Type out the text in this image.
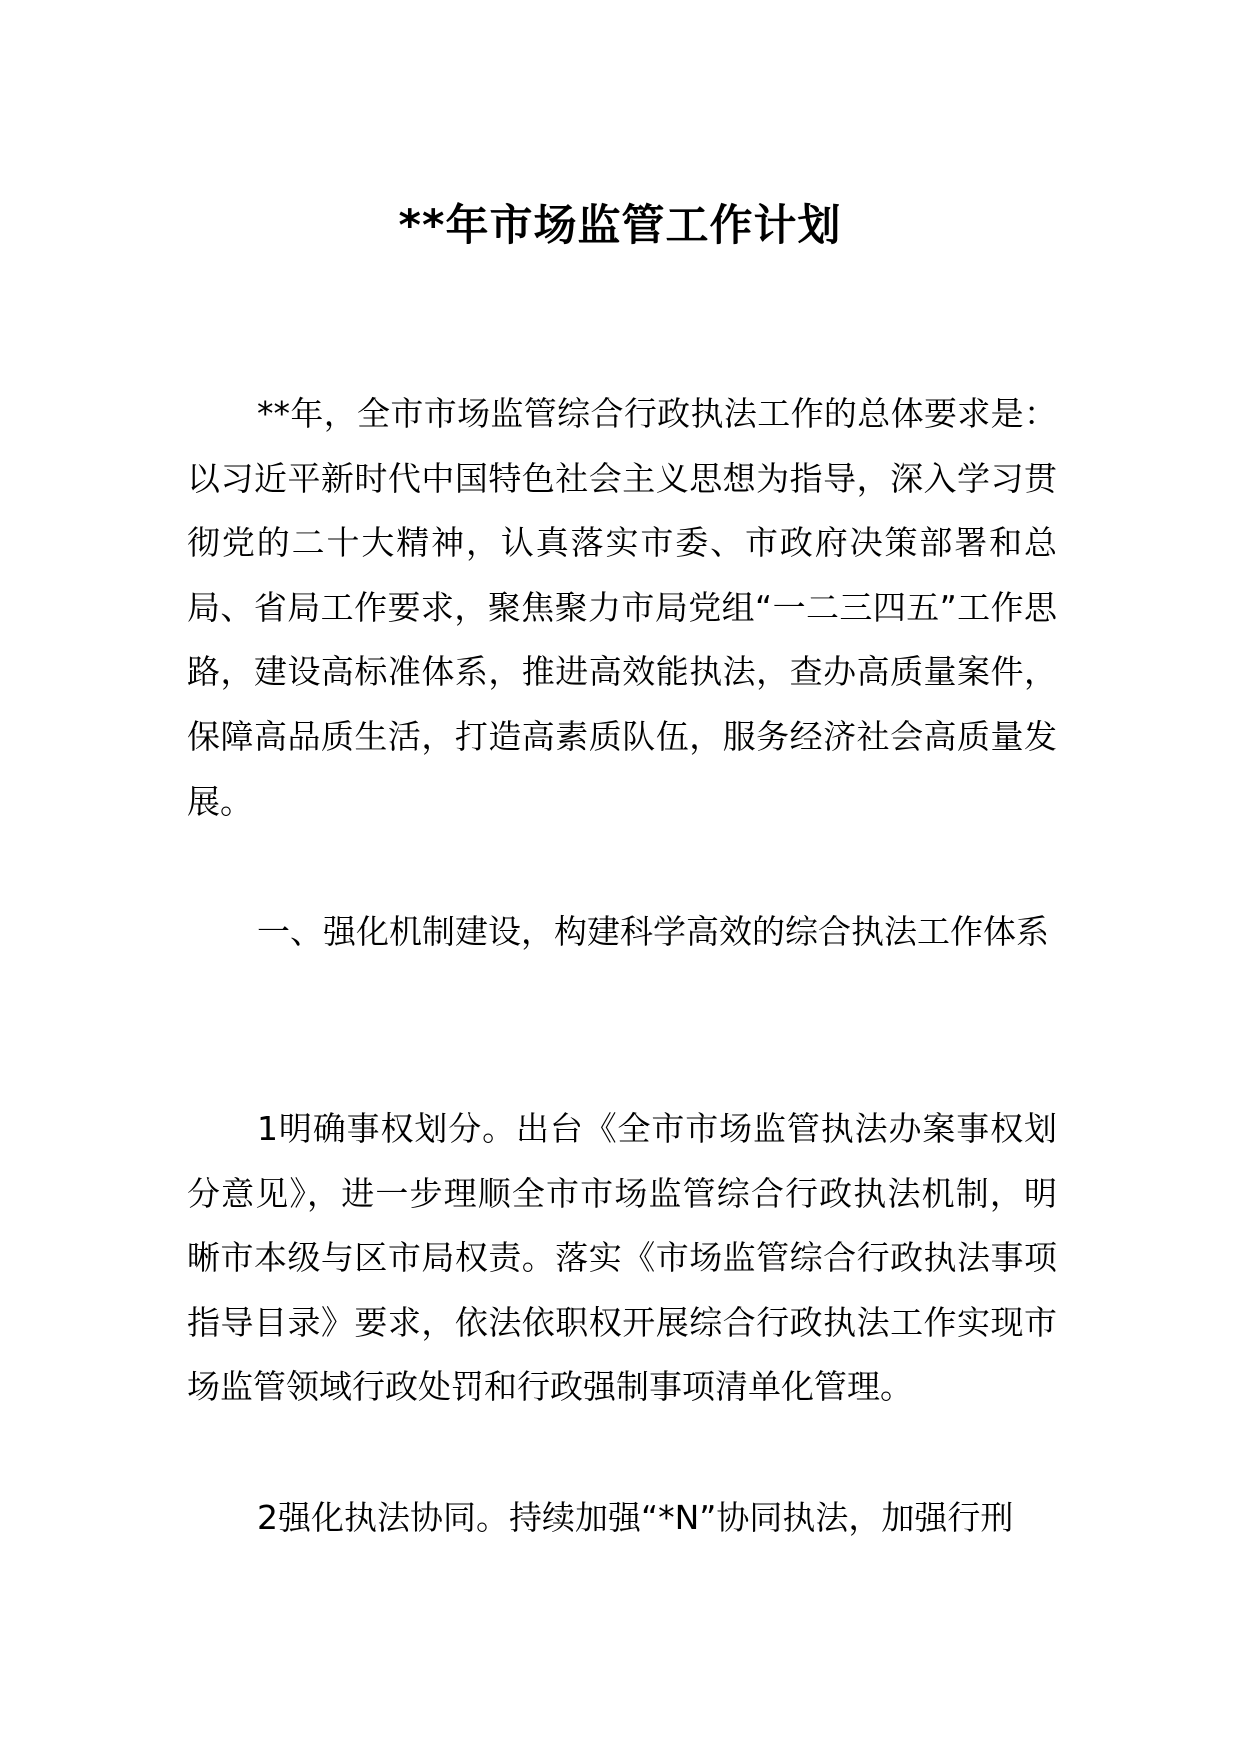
**年市场监管工作计划

**年，全市市场监管综合行政执法工作的总体要求是：以习近平新时代中国特色社会主义思想为指导，深入学习贯彻党的二十大精神，认真落实市委、市政府决策部署和总局、省局工作要求，聚焦聚力市局党组“一二三四五”工作思路，建设高标准体系，推进高效能执法，查办高质量案件，保障高品质生活，打造高素质队伍，服务经济社会高质量发展。

一、强化机制建设，构建科学高效的综合执法工作体系

1明确事权划分。出台《全市市场监管执法办案事权划分意见》，进一步理顺全市市场监管综合行政执法机制，明晰市本级与区市局权责。落实《市场监管综合行政执法事项指导目录》要求，依法依职权开展综合行政执法工作实现市场监管领域行政处罚和行政强制事项清单化管理。

2强化执法协同。持续加强“*N”协同执法，加强行刑
